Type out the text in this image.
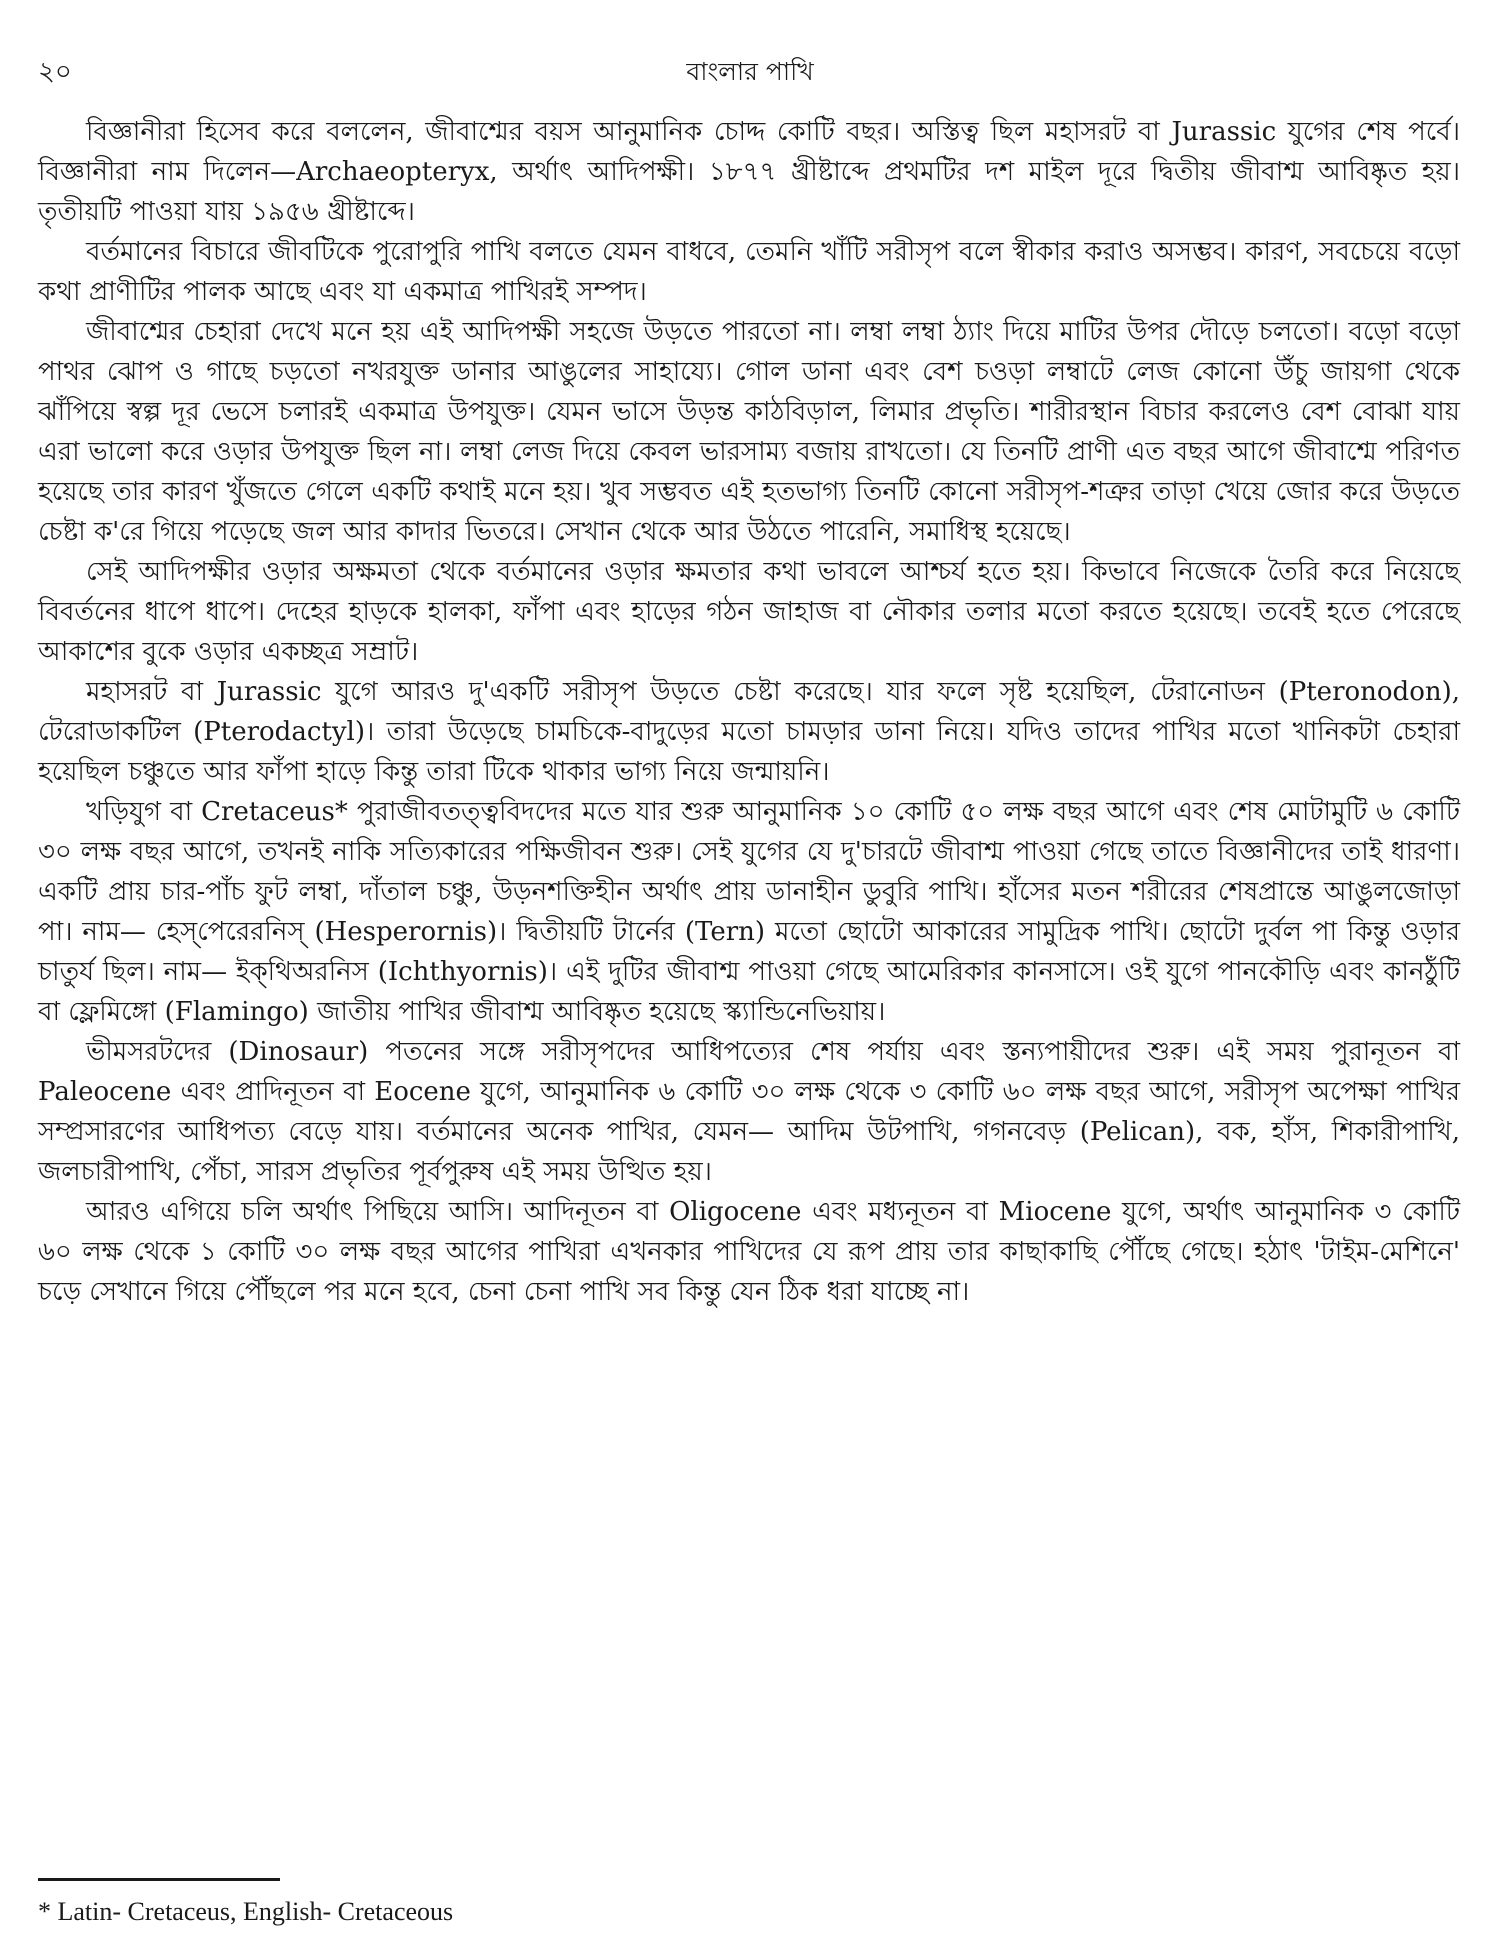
২০	বাংলার পাখি

বিজ্ঞানীরা হিসেব করে বললেন, জীবাশ্মের বয়স আনুমানিক চোদ্দ কোটি বছর। অস্তিত্ব ছিল মহাসরট বা Jurassic যুগের শেষ পর্বে। বিজ্ঞানীরা নাম দিলেন—Archaeopteryx, অর্থাৎ আদিপক্ষী। ১৮৭৭ খ্রীষ্টাব্দে প্রথমটির দশ মাইল দূরে দ্বিতীয় জীবাশ্ম আবিষ্কৃত হয়। তৃতীয়টি পাওয়া যায় ১৯৫৬ খ্রীষ্টাব্দে।

বর্তমানের বিচারে জীবটিকে পুরোপুরি পাখি বলতে যেমন বাধবে, তেমনি খাঁটি সরীসৃপ বলে স্বীকার করাও অসম্ভব। কারণ, সবচেয়ে বড়ো কথা প্রাণীটির পালক আছে এবং যা একমাত্র পাখিরই সম্পদ।

জীবাশ্মের চেহারা দেখে মনে হয় এই আদিপক্ষী সহজে উড়তে পারতো না। লম্বা লম্বা ঠ্যাং দিয়ে মাটির উপর দৌড়ে চলতো। বড়ো বড়ো পাথর ঝোপ ও গাছে চড়তো নখরযুক্ত ডানার আঙুলের সাহায্যে। গোল ডানা এবং বেশ চওড়া লম্বাটে লেজ কোনো উঁচু জায়গা থেকে ঝাঁপিয়ে স্বল্প দূর ভেসে চলারই একমাত্র উপযুক্ত। যেমন ভাসে উড়ন্ত কাঠবিড়াল, লিমার প্রভৃতি। শারীরস্থান বিচার করলেও বেশ বোঝা যায় এরা ভালো করে ওড়ার উপযুক্ত ছিল না। লম্বা লেজ দিয়ে কেবল ভারসাম্য বজায় রাখতো। যে তিনটি প্রাণী এত বছর আগে জীবাশ্মে পরিণত হয়েছে তার কারণ খুঁজতে গেলে একটি কথাই মনে হয়। খুব সম্ভবত এই হতভাগ্য তিনটি কোনো সরীসৃপ-শত্রুর তাড়া খেয়ে জোর করে উড়তে চেষ্টা ক'রে গিয়ে পড়েছে জল আর কাদার ভিতরে। সেখান থেকে আর উঠতে পারেনি, সমাধিস্থ হয়েছে।

সেই আদিপক্ষীর ওড়ার অক্ষমতা থেকে বর্তমানের ওড়ার ক্ষমতার কথা ভাবলে আশ্চর্য হতে হয়। কিভাবে নিজেকে তৈরি করে নিয়েছে বিবর্তনের ধাপে ধাপে। দেহের হাড়কে হালকা, ফাঁপা এবং হাড়ের গঠন জাহাজ বা নৌকার তলার মতো করতে হয়েছে। তবেই হতে পেরেছে আকাশের বুকে ওড়ার একচ্ছত্র সম্রাট।

মহাসরট বা Jurassic যুগে আরও দু'একটি সরীসৃপ উড়তে চেষ্টা করেছে। যার ফলে সৃষ্ট হয়েছিল, টেরানোডন (Pteronodon), টেরোডাকটিল (Pterodactyl)। তারা উড়েছে চামচিকে-বাদুড়ের মতো চামড়ার ডানা নিয়ে। যদিও তাদের পাখির মতো খানিকটা চেহারা হয়েছিল চঞ্চুতে আর ফাঁপা হাড়ে কিন্তু তারা টিকে থাকার ভাগ্য নিয়ে জন্মায়নি।

খড়িযুগ বা Cretaceus* পুরাজীবতত্ত্ববিদদের মতে যার শুরু আনুমানিক ১০ কোটি ৫০ লক্ষ বছর আগে এবং শেষ মোটামুটি ৬ কোটি ৩০ লক্ষ বছর আগে, তখনই নাকি সত্যিকারের পক্ষিজীবন শুরু। সেই যুগের যে দু'চারটে জীবাশ্ম পাওয়া গেছে তাতে বিজ্ঞানীদের তাই ধারণা। একটি প্রায় চার-পাঁচ ফুট লম্বা, দাঁতাল চঞ্চু, উড়নশক্তিহীন অর্থাৎ প্রায় ডানাহীন ডুবুরি পাখি। হাঁসের মতন শরীরের শেষপ্রান্তে আঙুলজোড়া পা। নাম— হেস্‌পেরেরনিস্ (Hesperornis)। দ্বিতীয়টি টার্নের (Tern) মতো ছোটো আকারের সামুদ্রিক পাখি। ছোটো দুর্বল পা কিন্তু ওড়ার চাতুর্য ছিল। নাম— ইক্‌থিঅরনিস (Ichthyornis)। এই দুটির জীবাশ্ম পাওয়া গেছে আমেরিকার কানসাসে। ওই যুগে পানকৌড়ি এবং কানঠুঁটি বা ফ্লেমিঙ্গো (Flamingo) জাতীয় পাখির জীবাশ্ম আবিষ্কৃত হয়েছে স্ক্যান্ডিনেভিয়ায়।

ভীমসরটদের (Dinosaur) পতনের সঙ্গে সরীসৃপদের আধিপত্যের শেষ পর্যায় এবং স্তন্যপায়ীদের শুরু। এই সময় পুরানূতন বা Paleocene এবং প্রাদিনূতন বা Eocene যুগে, আনুমানিক ৬ কোটি ৩০ লক্ষ থেকে ৩ কোটি ৬০ লক্ষ বছর আগে, সরীসৃপ অপেক্ষা পাখির সম্প্রসারণের আধিপত্য বেড়ে যায়। বর্তমানের অনেক পাখির, যেমন— আদিম উটপাখি, গগনবেড় (Pelican), বক, হাঁস, শিকারীপাখি, জলচারীপাখি, পেঁচা, সারস প্রভৃতির পূর্বপুরুষ এই সময় উত্থিত হয়।

আরও এগিয়ে চলি অর্থাৎ পিছিয়ে আসি। আদিনূতন বা Oligocene এবং মধ্যনূতন বা Miocene যুগে, অর্থাৎ আনুমানিক ৩ কোটি ৬০ লক্ষ থেকে ১ কোটি ৩০ লক্ষ বছর আগের পাখিরা এখনকার পাখিদের যে রূপ প্রায় তার কাছাকাছি পৌঁছে গেছে। হঠাৎ 'টাইম-মেশিনে' চড়ে সেখানে গিয়ে পৌঁছলে পর মনে হবে, চেনা চেনা পাখি সব কিন্তু যেন ঠিক ধরা যাচ্ছে না।

* Latin- Cretaceus, English- Cretaceous
